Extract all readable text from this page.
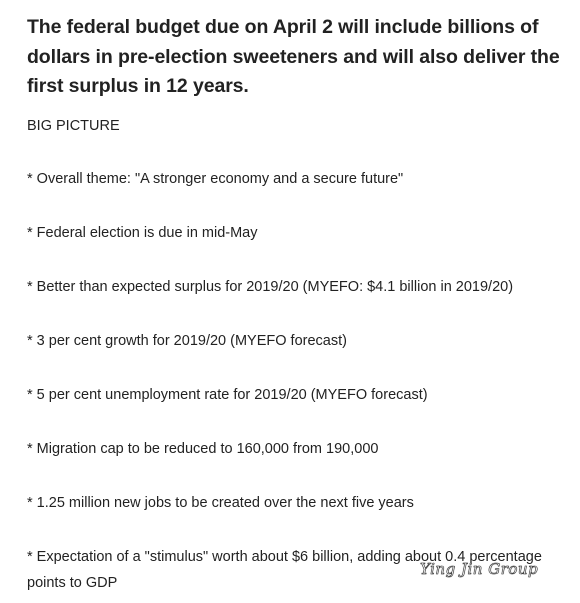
The federal budget due on April 2 will include billions of dollars in pre-election sweeteners and will also deliver the first surplus in 12 years.
BIG PICTURE
* Overall theme: "A stronger economy and a secure future"
* Federal election is due in mid-May
* Better than expected surplus for 2019/20 (MYEFO: $4.1 billion in 2019/20)
* 3 per cent growth for 2019/20 (MYEFO forecast)
* 5 per cent unemployment rate for 2019/20 (MYEFO forecast)
* Migration cap to be reduced to 160,000 from 190,000
* 1.25 million new jobs to be created over the next five years
* Expectation of a "stimulus" worth about $6 billion, adding about 0.4 percentage points to GDP
Ying Jin Group
